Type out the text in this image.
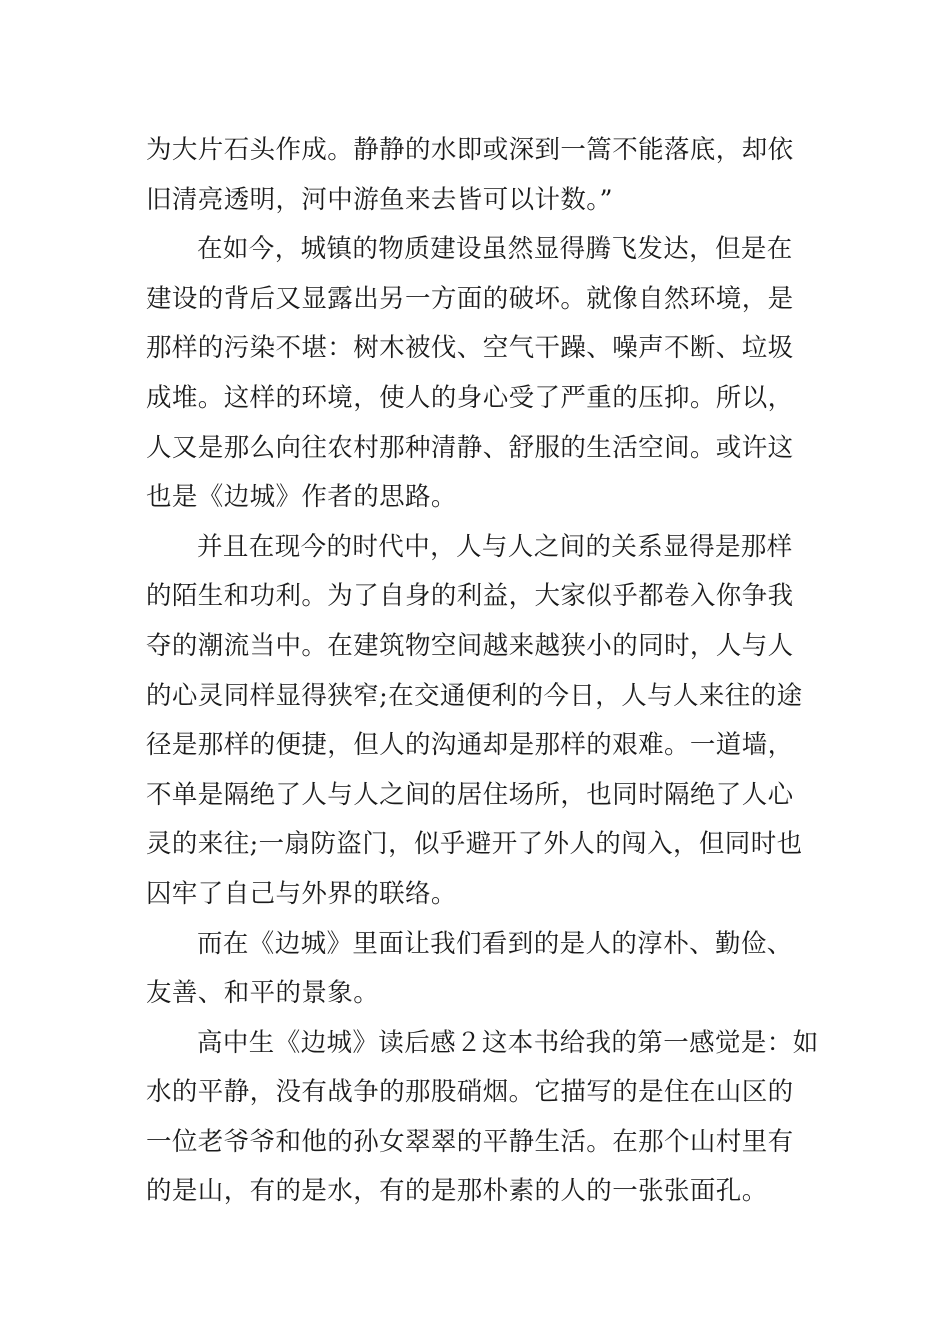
为大片石头作成。静静的水即或深到一篙不能落底，却依
旧清亮透明，河中游鱼来去皆可以计数。”

在如今，城镇的物质建设虽然显得腾飞发达，但是在
建设的背后又显露出另一方面的破坏。就像自然环境，是
那样的污染不堪：树木被伐、空气干躁、噪声不断、垃圾
成堆。这样的环境，使人的身心受了严重的压抑。所以，
人又是那么向往农村那种清静、舒服的生活空间。或许这
也是《边城》作者的思路。

并且在现今的时代中，人与人之间的关系显得是那样
的陌生和功利。为了自身的利益，大家似乎都卷入你争我
夺的潮流当中。在建筑物空间越来越狭小的同时，人与人
的心灵同样显得狭窄;在交通便利的今日，人与人来往的途
径是那样的便捷，但人的沟通却是那样的艰难。一道墙，
不单是隔绝了人与人之间的居住场所，也同时隔绝了人心
灵的来往;一扇防盗门，似乎避开了外人的闯入，但同时也
囚牢了自己与外界的联络。

而在《边城》里面让我们看到的是人的淳朴、勤俭、
友善、和平的景象。

高中生《边城》读后感２这本书给我的第一感觉是：如
水的平静，没有战争的那股硝烟。它描写的是住在山区的
一位老爷爷和他的孙女翠翠的平静生活。在那个山村里有
的是山，有的是水，有的是那朴素的人的一张张面孔。
